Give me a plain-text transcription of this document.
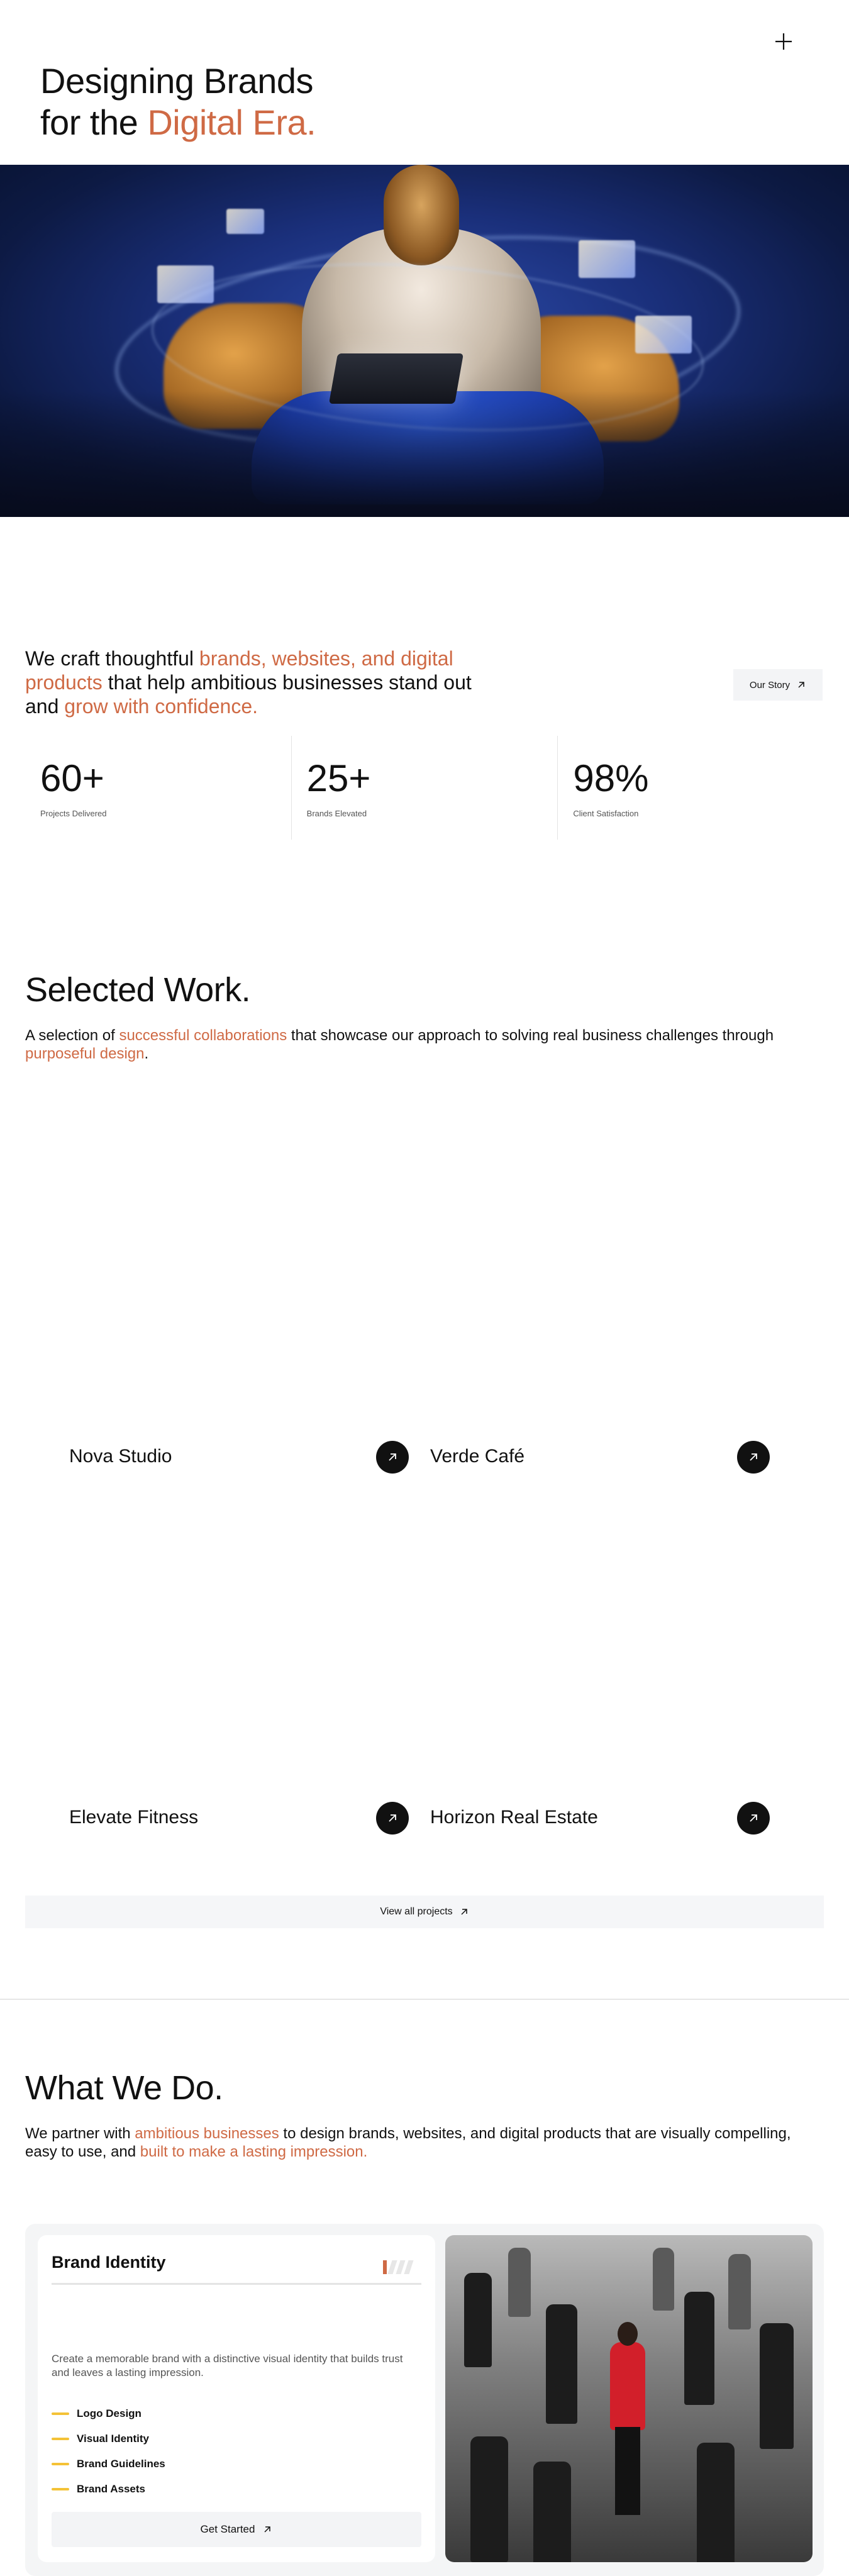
Designing Brands
for the Digital Era.

We craft thoughtful brands, websites, and digital products that help ambitious businesses stand out and grow with confidence.

Our Story
60+
Projects Delivered
25+
Brands Elevated
98%
Client Satisfaction
Selected Work.

A selection of successful collaborations that showcase our approach to solving real business challenges through purposeful design.

Nova Studio	Verde Café
Elevate Fitness	Horizon Real Estate
View all projects
What We Do.

We partner with ambitious businesses to design brands, websites, and digital products that are visually compelling, easy to use, and built to make a lasting impression.

Brand Identity

Create a memorable brand with a distinctive visual identity that builds trust and leaves a lasting impression.

Logo Design
Visual Identity
Brand Guidelines
Brand Assets
Get Started
